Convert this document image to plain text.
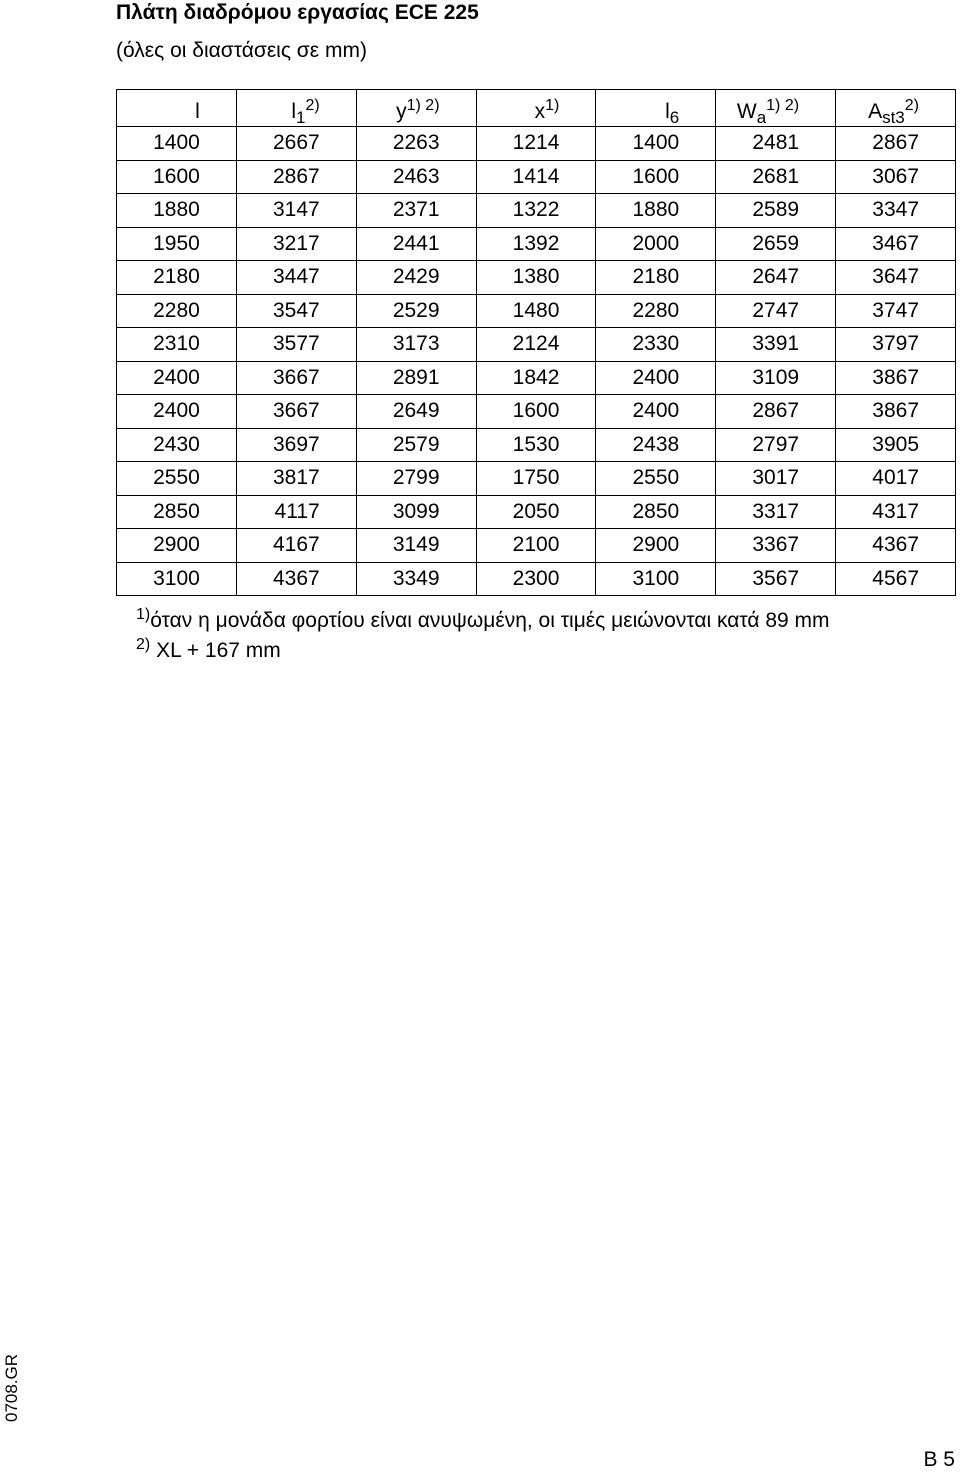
Πλάτη διαδρόμου εργασίας ECE 225
(όλες οι διαστάσεις σε mm)
l	$l_1^{2)}$	$y^{1) 2)}$	$x^{1)}$	$l_6$	$W_a^{1) 2)}$	$A_{st3}^{2)}$
1400	2667	2263	1214	1400	2481	2867
1600	2867	2463	1414	1600	2681	3067
1880	3147	2371	1322	1880	2589	3347
1950	3217	2441	1392	2000	2659	3467
2180	3447	2429	1380	2180	2647	3647
2280	3547	2529	1480	2280	2747	3747
2310	3577	3173	2124	2330	3391	3797
2400	3667	2891	1842	2400	3109	3867
2400	3667	2649	1600	2400	2867	3867
2430	3697	2579	1530	2438	2797	3905
2550	3817	2799	1750	2550	3017	4017
2850	4117	3099	2050	2850	3317	4317
2900	4167	3149	2100	2900	3367	4367
3100	4367	3349	2300	3100	3567	4567
$^{1)}$όταν η μονάδα φορτίου είναι ανυψωμένη, οι τιμές μειώνονται κατά 89 mm
$^{2)}$ XL + 167 mm
0708.GR
B 5
